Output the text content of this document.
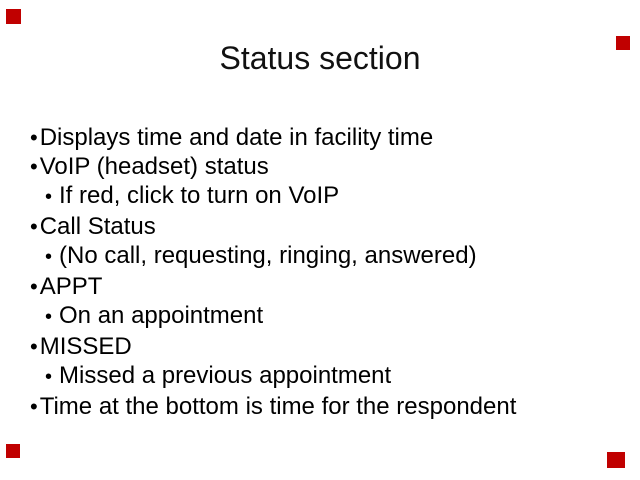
Status section
•Displays time and date in facility time
•VoIP (headset) status
• If red, click to turn on VoIP
•Call Status
• (No call, requesting, ringing, answered)
•APPT
• On an appointment
•MISSED
• Missed a previous appointment
•Time at the bottom is time for the respondent
